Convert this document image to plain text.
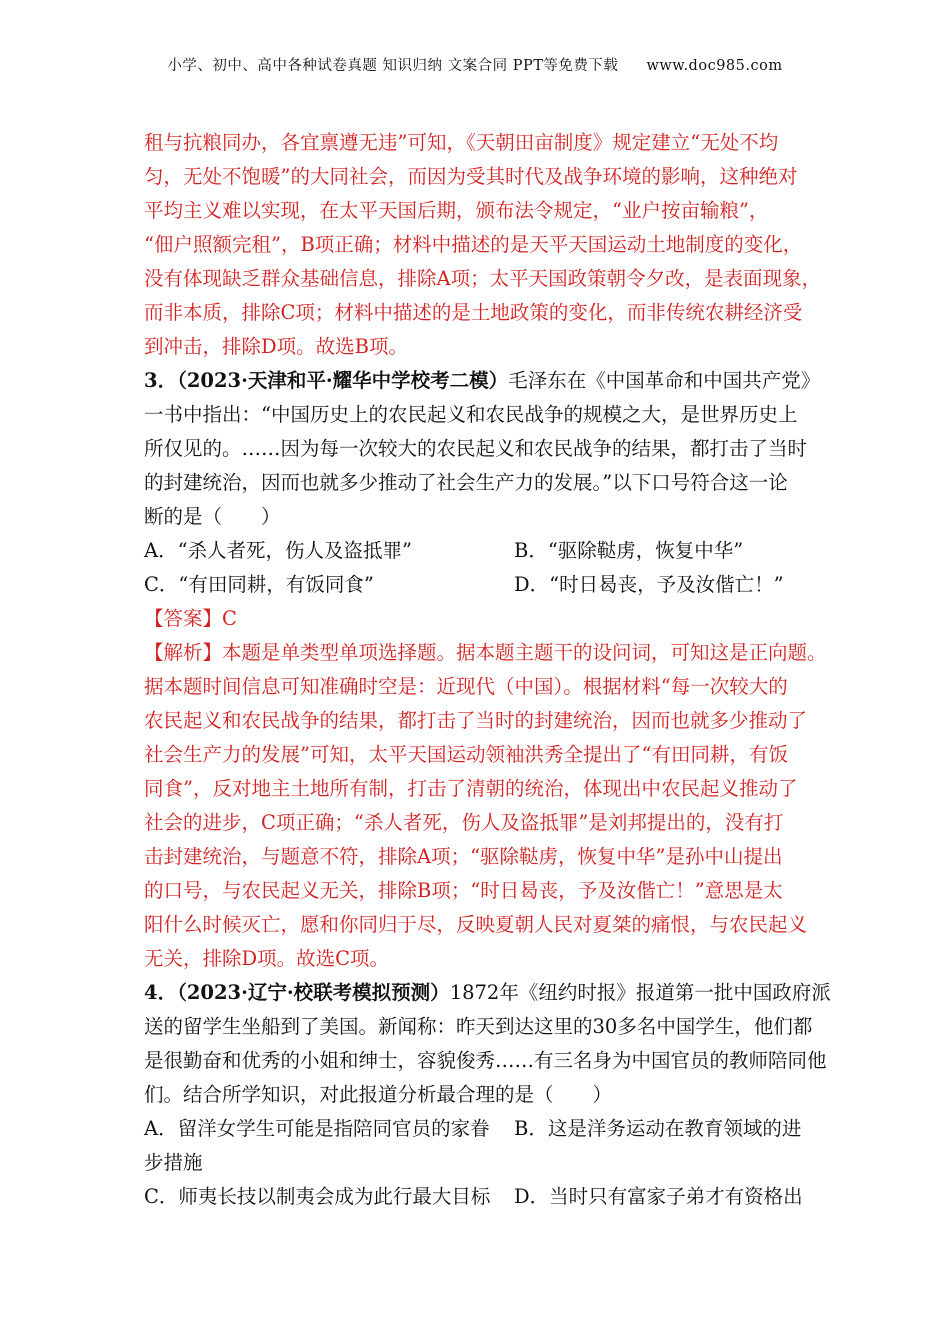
小学、初中、高中各种试卷真题 知识归纳 文案合同 PPT等免费下载 www.doc985.com
租与抗粮同办，各宜禀遵无违”可知，《天朝田亩制度》规定建立“无处不均
匀，无处不饱暖”的大同社会，而因为受其时代及战争环境的影响，这种绝对
平均主义难以实现，在太平天国后期，颁布法令规定，“业户按亩输粮”，
“佃户照额完租”，B项正确；材料中描述的是天平天国运动土地制度的变化，
没有体现缺乏群众基础信息，排除A项；太平天国政策朝令夕改，是表面现象，
而非本质，排除C项；材料中描述的是土地政策的变化，而非传统农耕经济受
到冲击，排除D项。故选B项。
3．（2023·天津和平·耀华中学校考二模）毛泽东在《中国革命和中国共产党》
一书中指出：“中国历史上的农民起义和农民战争的规模之大，是世界历史上
所仅见的。……因为每一次较大的农民起义和农民战争的结果，都打击了当时
的封建统治，因而也就多少推动了社会生产力的发展。”以下口号符合这一论
断的是（　　）
A．“杀人者死，伤人及盗抵罪”	B．“驱除鞑虏，恢复中华”
C．“有田同耕，有饭同食”	D．“时日曷丧，予及汝偕亡！”
【答案】C
【解析】本题是单类型单项选择题。据本题主题干的设问词，可知这是正向题。
据本题时间信息可知准确时空是：近现代（中国）。根据材料“每一次较大的
农民起义和农民战争的结果，都打击了当时的封建统治，因而也就多少推动了
社会生产力的发展”可知，太平天国运动领袖洪秀全提出了“有田同耕，有饭
同食”，反对地主土地所有制，打击了清朝的统治，体现出中农民起义推动了
社会的进步，C项正确；“杀人者死，伤人及盗抵罪”是刘邦提出的，没有打
击封建统治，与题意不符，排除A项；“驱除鞑虏，恢复中华”是孙中山提出
的口号，与农民起义无关，排除B项；“时日曷丧，予及汝偕亡！”意思是太
阳什么时候灭亡，愿和你同归于尽，反映夏朝人民对夏桀的痛恨，与农民起义
无关，排除D项。故选C项。
4．（2023·辽宁·校联考模拟预测）1872年《纽约时报》报道第一批中国政府派
送的留学生坐船到了美国。新闻称：昨天到达这里的30多名中国学生，他们都
是很勤奋和优秀的小姐和绅士，容貌俊秀……有三名身为中国官员的教师陪同他
们。结合所学知识，对此报道分析最合理的是（　　）
A．留洋女学生可能是指陪同官员的家眷	B．这是洋务运动在教育领域的进
步措施
C．师夷长技以制夷会成为此行最大目标	D．当时只有富家子弟才有资格出
